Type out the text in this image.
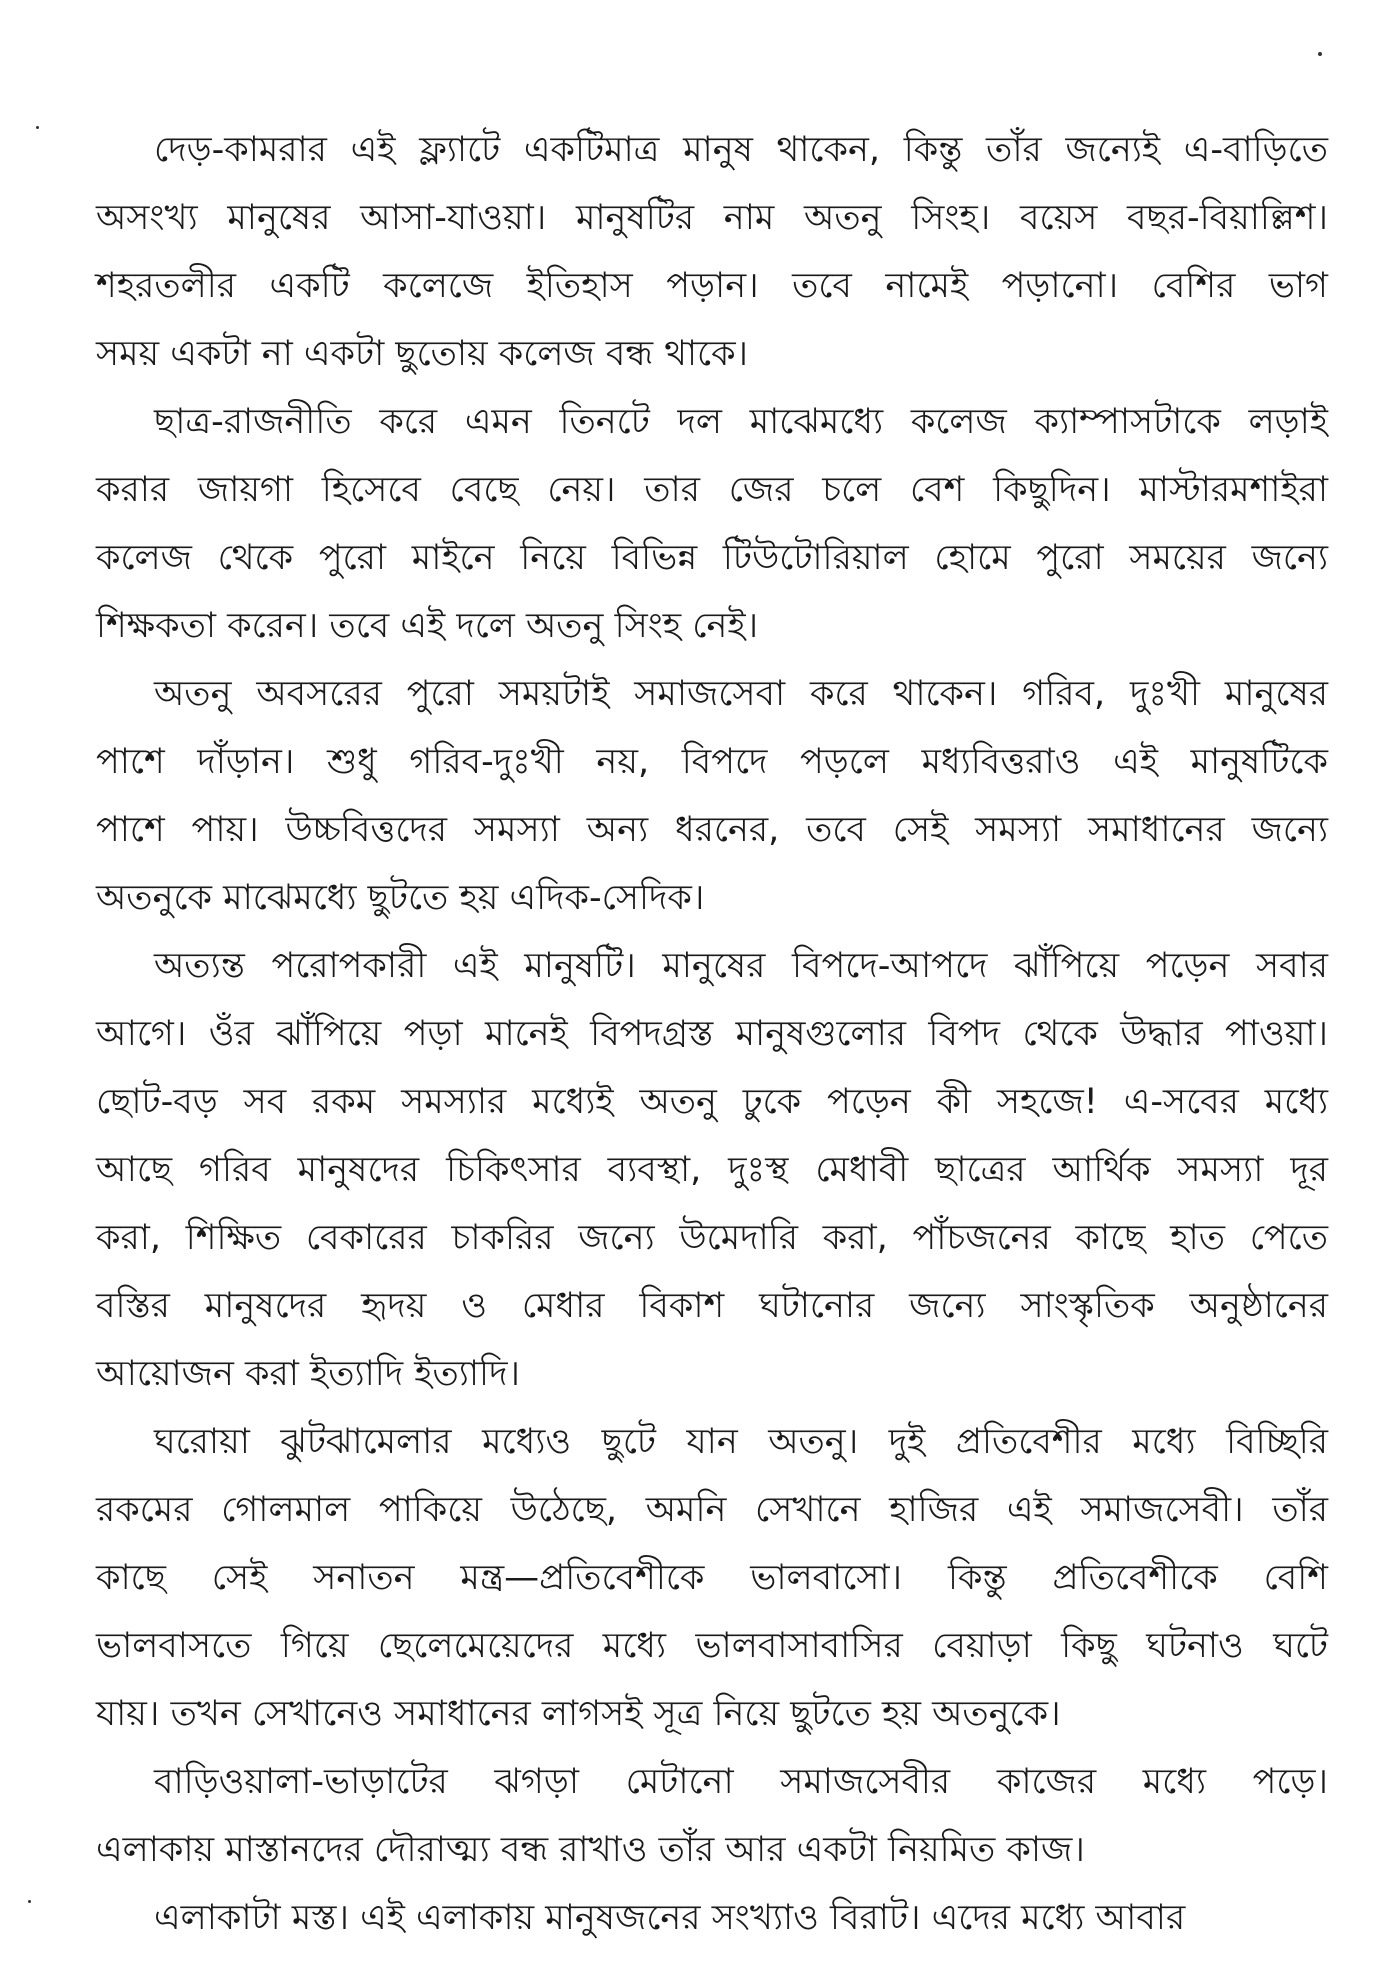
দেড়-কামরার এই ফ্ল্যাটে একটিমাত্র মানুষ থাকেন, কিন্তু তাঁর জন্যেই এ-বাড়িতে
অসংখ্য মানুষের আসা-যাওয়া। মানুষটির নাম অতনু সিংহ। বয়েস বছর-বিয়াল্লিশ।
শহরতলীর একটি কলেজে ইতিহাস পড়ান। তবে নামেই পড়ানো। বেশির ভাগ
সময় একটা না একটা ছুতোয় কলেজ বন্ধ থাকে।

ছাত্র-রাজনীতি করে এমন তিনটে দল মাঝেমধ্যে কলেজ ক্যাম্পাসটাকে লড়াই
করার জায়গা হিসেবে বেছে নেয়। তার জের চলে বেশ কিছুদিন। মাস্টারমশাইরা
কলেজ থেকে পুরো মাইনে নিয়ে বিভিন্ন টিউটোরিয়াল হোমে পুরো সময়ের জন্যে
শিক্ষকতা করেন। তবে এই দলে অতনু সিংহ নেই।

অতনু অবসরের পুরো সময়টাই সমাজসেবা করে থাকেন। গরিব, দুঃখী মানুষের
পাশে দাঁড়ান। শুধু গরিব-দুঃখী নয়, বিপদে পড়লে মধ্যবিত্তরাও এই মানুষটিকে
পাশে পায়। উচ্চবিত্তদের সমস্যা অন্য ধরনের, তবে সেই সমস্যা সমাধানের জন্যে
অতনুকে মাঝেমধ্যে ছুটতে হয় এদিক-সেদিক।

অত্যন্ত পরোপকারী এই মানুষটি। মানুষের বিপদে-আপদে ঝাঁপিয়ে পড়েন সবার
আগে। ওঁর ঝাঁপিয়ে পড়া মানেই বিপদগ্রস্ত মানুষগুলোর বিপদ থেকে উদ্ধার পাওয়া।
ছোট-বড় সব রকম সমস্যার মধ্যেই অতনু ঢুকে পড়েন কী সহজে! এ-সবের মধ্যে
আছে গরিব মানুষদের চিকিৎসার ব্যবস্থা, দুঃস্থ মেধাবী ছাত্রের আর্থিক সমস্যা দূর
করা, শিক্ষিত বেকারের চাকরির জন্যে উমেদারি করা, পাঁচজনের কাছে হাত পেতে
বস্তির মানুষদের হৃদয় ও মেধার বিকাশ ঘটানোর জন্যে সাংস্কৃতিক অনুষ্ঠানের
আয়োজন করা ইত্যাদি ইত্যাদি।

ঘরোয়া ঝুটঝামেলার মধ্যেও ছুটে যান অতনু। দুই প্রতিবেশীর মধ্যে বিচ্ছিরি
রকমের গোলমাল পাকিয়ে উঠেছে, অমনি সেখানে হাজির এই সমাজসেবী। তাঁর
কাছে সেই সনাতন মন্ত্র—প্রতিবেশীকে ভালবাসো। কিন্তু প্রতিবেশীকে বেশি
ভালবাসতে গিয়ে ছেলেমেয়েদের মধ্যে ভালবাসাবাসির বেয়াড়া কিছু ঘটনাও ঘটে
যায়। তখন সেখানেও সমাধানের লাগসই সূত্র নিয়ে ছুটতে হয় অতনুকে।

বাড়িওয়ালা-ভাড়াটের ঝগড়া মেটানো সমাজসেবীর কাজের মধ্যে পড়ে।
এলাকায় মাস্তানদের দৌরাত্ম্য বন্ধ রাখাও তাঁর আর একটা নিয়মিত কাজ।

এলাকাটা মস্ত। এই এলাকায় মানুষজনের সংখ্যাও বিরাট। এদের মধ্যে আবার
